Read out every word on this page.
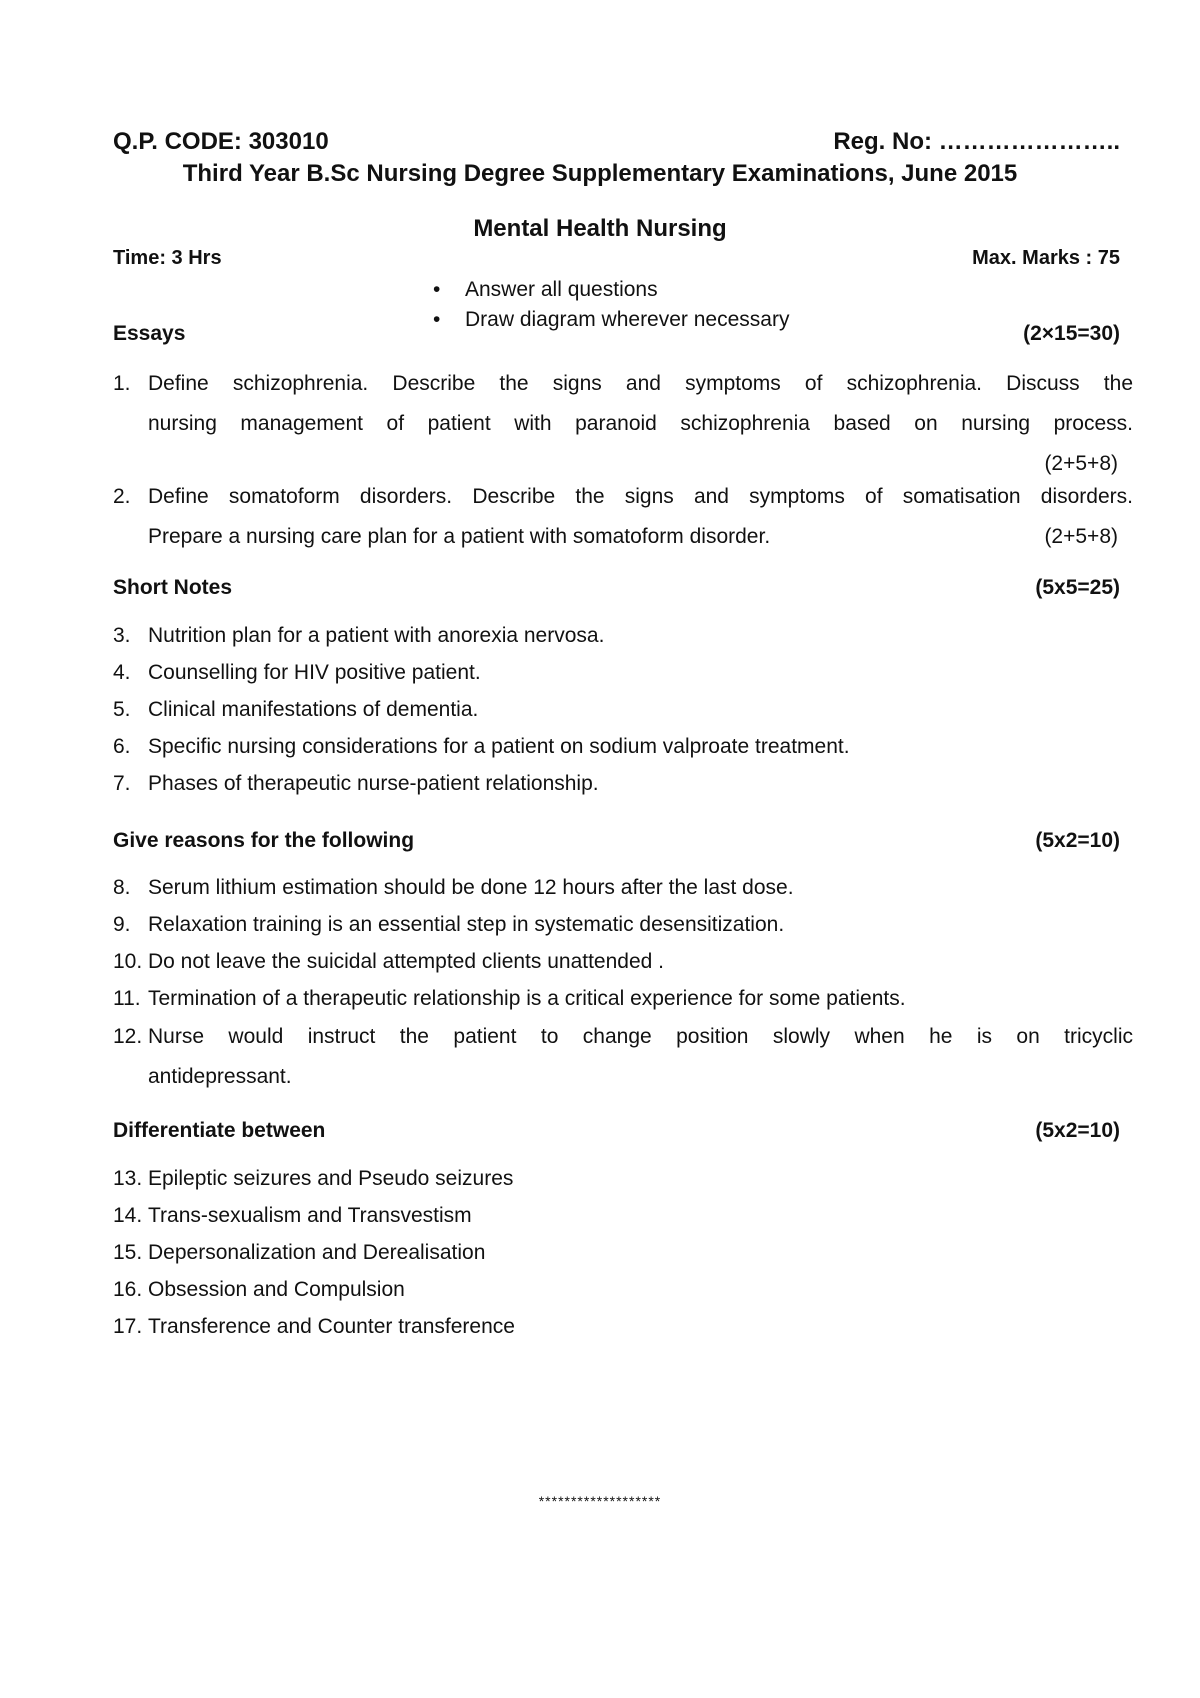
Q.P. CODE: 303010	Reg. No: …………………..
Third Year B.Sc Nursing Degree Supplementary Examinations, June 2015
Mental Health Nursing
Time: 3 Hrs	Max. Marks : 75
• Answer all questions
• Draw diagram wherever necessary
Essays	(2×15=30)
1. Define schizophrenia. Describe the signs and symptoms of schizophrenia. Discuss the
nursing management of patient with paranoid schizophrenia based on nursing process.
(2+5+8)
2. Define somatoform disorders. Describe the signs and symptoms of somatisation disorders.
Prepare a nursing care plan for a patient with somatoform disorder.	(2+5+8)
Short Notes	(5x5=25)
3. Nutrition plan for a patient with anorexia nervosa.
4. Counselling for HIV positive patient.
5. Clinical manifestations of dementia.
6. Specific nursing considerations for a patient on sodium valproate treatment.
7. Phases of therapeutic nurse-patient relationship.
Give reasons for the following	(5x2=10)
8. Serum lithium estimation should be done 12 hours after the last dose.
9. Relaxation training is an essential step in systematic desensitization.
10. Do not leave the suicidal attempted clients unattended .
11. Termination of a therapeutic relationship is a critical experience for some patients.
12. Nurse would instruct the patient to change position slowly when he is on tricyclic
antidepressant.
Differentiate between	(5x2=10)
13. Epileptic seizures and Pseudo seizures
14. Trans-sexualism and Transvestism
15. Depersonalization and Derealisation
16. Obsession and Compulsion
17. Transference and Counter transference
*******************
